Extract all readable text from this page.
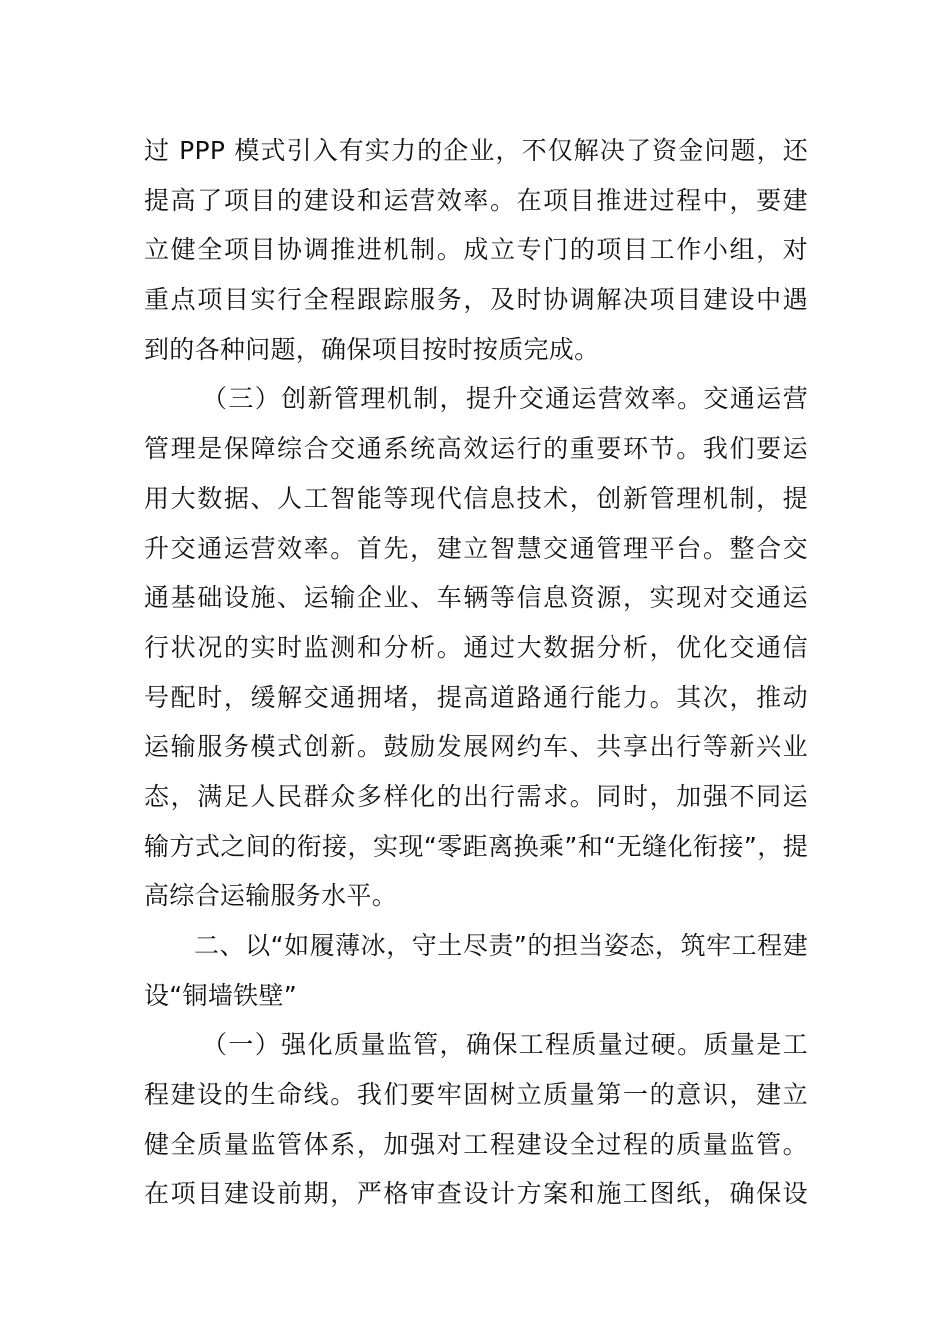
过 PPP 模式引入有实力的企业，不仅解决了资金问题，还
提高了项目的建设和运营效率。在项目推进过程中，要建
立健全项目协调推进机制。成立专门的项目工作小组，对
重点项目实行全程跟踪服务，及时协调解决项目建设中遇
到的各种问题，确保项目按时按质完成。
（三）创新管理机制，提升交通运营效率。交通运营
管理是保障综合交通系统高效运行的重要环节。我们要运
用大数据、人工智能等现代信息技术，创新管理机制，提
升交通运营效率。首先，建立智慧交通管理平台。整合交
通基础设施、运输企业、车辆等信息资源，实现对交通运
行状况的实时监测和分析。通过大数据分析，优化交通信
号配时，缓解交通拥堵，提高道路通行能力。其次，推动
运输服务模式创新。鼓励发展网约车、共享出行等新兴业
态，满足人民群众多样化的出行需求。同时，加强不同运
输方式之间的衔接，实现“零距离换乘”和“无缝化衔接”，提
高综合运输服务水平。
二、以“如履薄冰，守土尽责”的担当姿态，筑牢工程建
设“铜墙铁壁”
（一）强化质量监管，确保工程质量过硬。质量是工
程建设的生命线。我们要牢固树立质量第一的意识，建立
健全质量监管体系，加强对工程建设全过程的质量监管。
在项目建设前期，严格审查设计方案和施工图纸，确保设
